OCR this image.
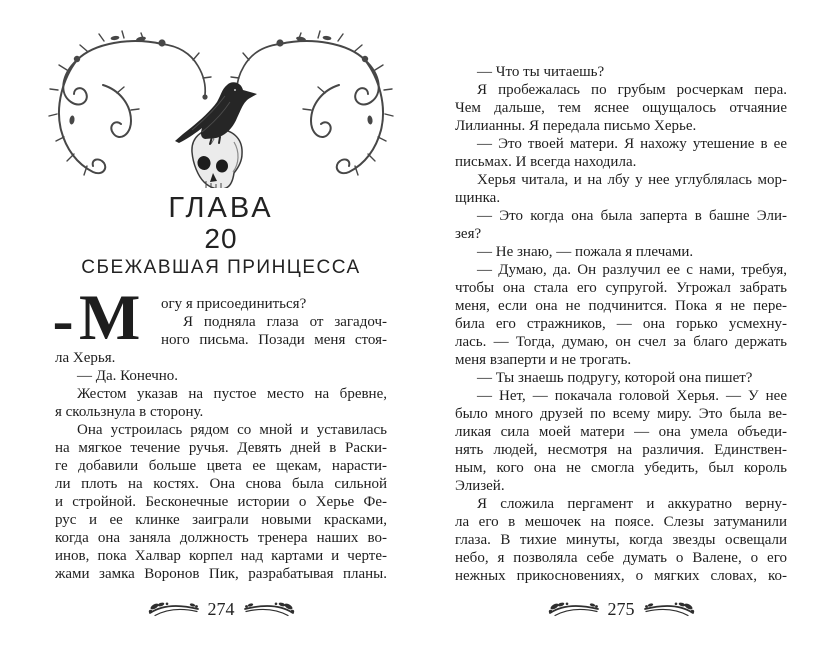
ГЛАВА
20
СБЕЖАВШАЯ ПРИНЦЕССА
— М огу я присоединиться?
Я подняла глаза от загадоч-
ного письма. Позади меня стоя-
ла Херья.
— Да. Конечно.
Жестом указав на пустое место на бревне,
я скользнула в сторону.
Она устроилась рядом со мной и уставилась
на мягкое течение ручья. Девять дней в Раски-
ге добавили больше цвета ее щекам, нарасти-
ли плоть на костях. Она снова была сильной
и стройной. Бесконечные истории о Херье Фе-
рус и ее клинке заиграли новыми красками,
когда она заняла должность тренера наших во-
инов, пока Халвар корпел над картами и черте-
жами замка Воронов Пик, разрабатывая планы.
274
— Что ты читаешь?
Я пробежалась по грубым росчеркам пера.
Чем дальше, тем яснее ощущалось отчаяние
Лилианны. Я передала письмо Херье.
— Это твоей матери. Я нахожу утешение в ее
письмах. И всегда находила.
Херья читала, и на лбу у нее углублялась мор-
щинка.
— Это когда она была заперта в башне Эли-
зея?
— Не знаю, — пожала я плечами.
— Думаю, да. Он разлучил ее с нами, требуя,
чтобы она стала его супругой. Угрожал забрать
меня, если она не подчинится. Пока я не пере-
била его стражников, — она горько усмехну-
лась. — Тогда, думаю, он счел за благо держать
меня взаперти и не трогать.
— Ты знаешь подругу, которой она пишет?
— Нет, — покачала головой Херья. — У нее
было много друзей по всему миру. Это была ве-
ликая сила моей матери — она умела объеди-
нять людей, несмотря на различия. Единствен-
ным, кого она не смогла убедить, был король
Элизей.
Я сложила пергамент и аккуратно верну-
ла его в мешочек на поясе. Слезы затуманили
глаза. В тихие минуты, когда звезды освещали
небо, я позволяла себе думать о Валене, о его
нежных прикосновениях, о мягких словах, ко-
275
